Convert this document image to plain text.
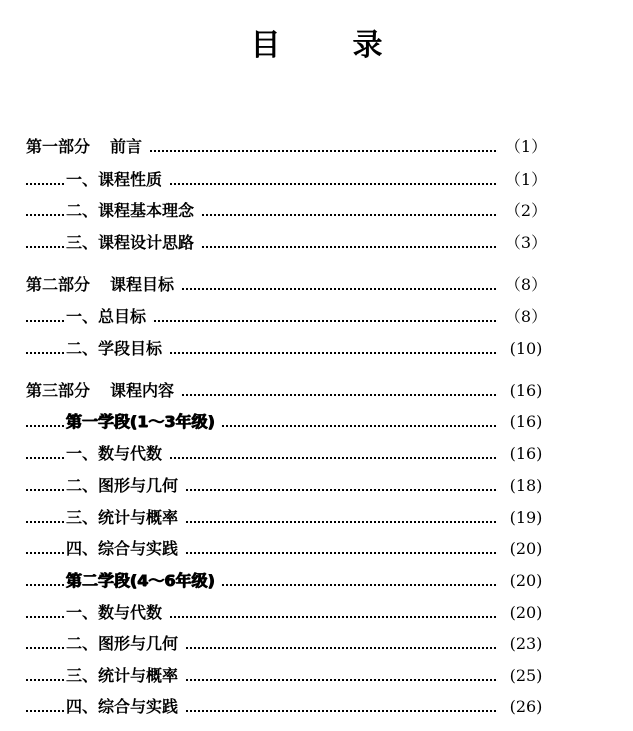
目 录
第一部分 前言	（1）
一、课程性质	（1）
二、课程基本理念	（2）
三、课程设计思路	（3）
第二部分 课程目标	（8）
一、总目标	（8）
二、学段目标	(10)
第三部分 课程内容	(16)
第一学段(1～3年级)	(16)
一、数与代数	(16)
二、图形与几何	(18)
三、统计与概率	(19)
四、综合与实践	(20)
第二学段(4～6年级)	(20)
一、数与代数	(20)
二、图形与几何	(23)
三、统计与概率	(25)
四、综合与实践	(26)
